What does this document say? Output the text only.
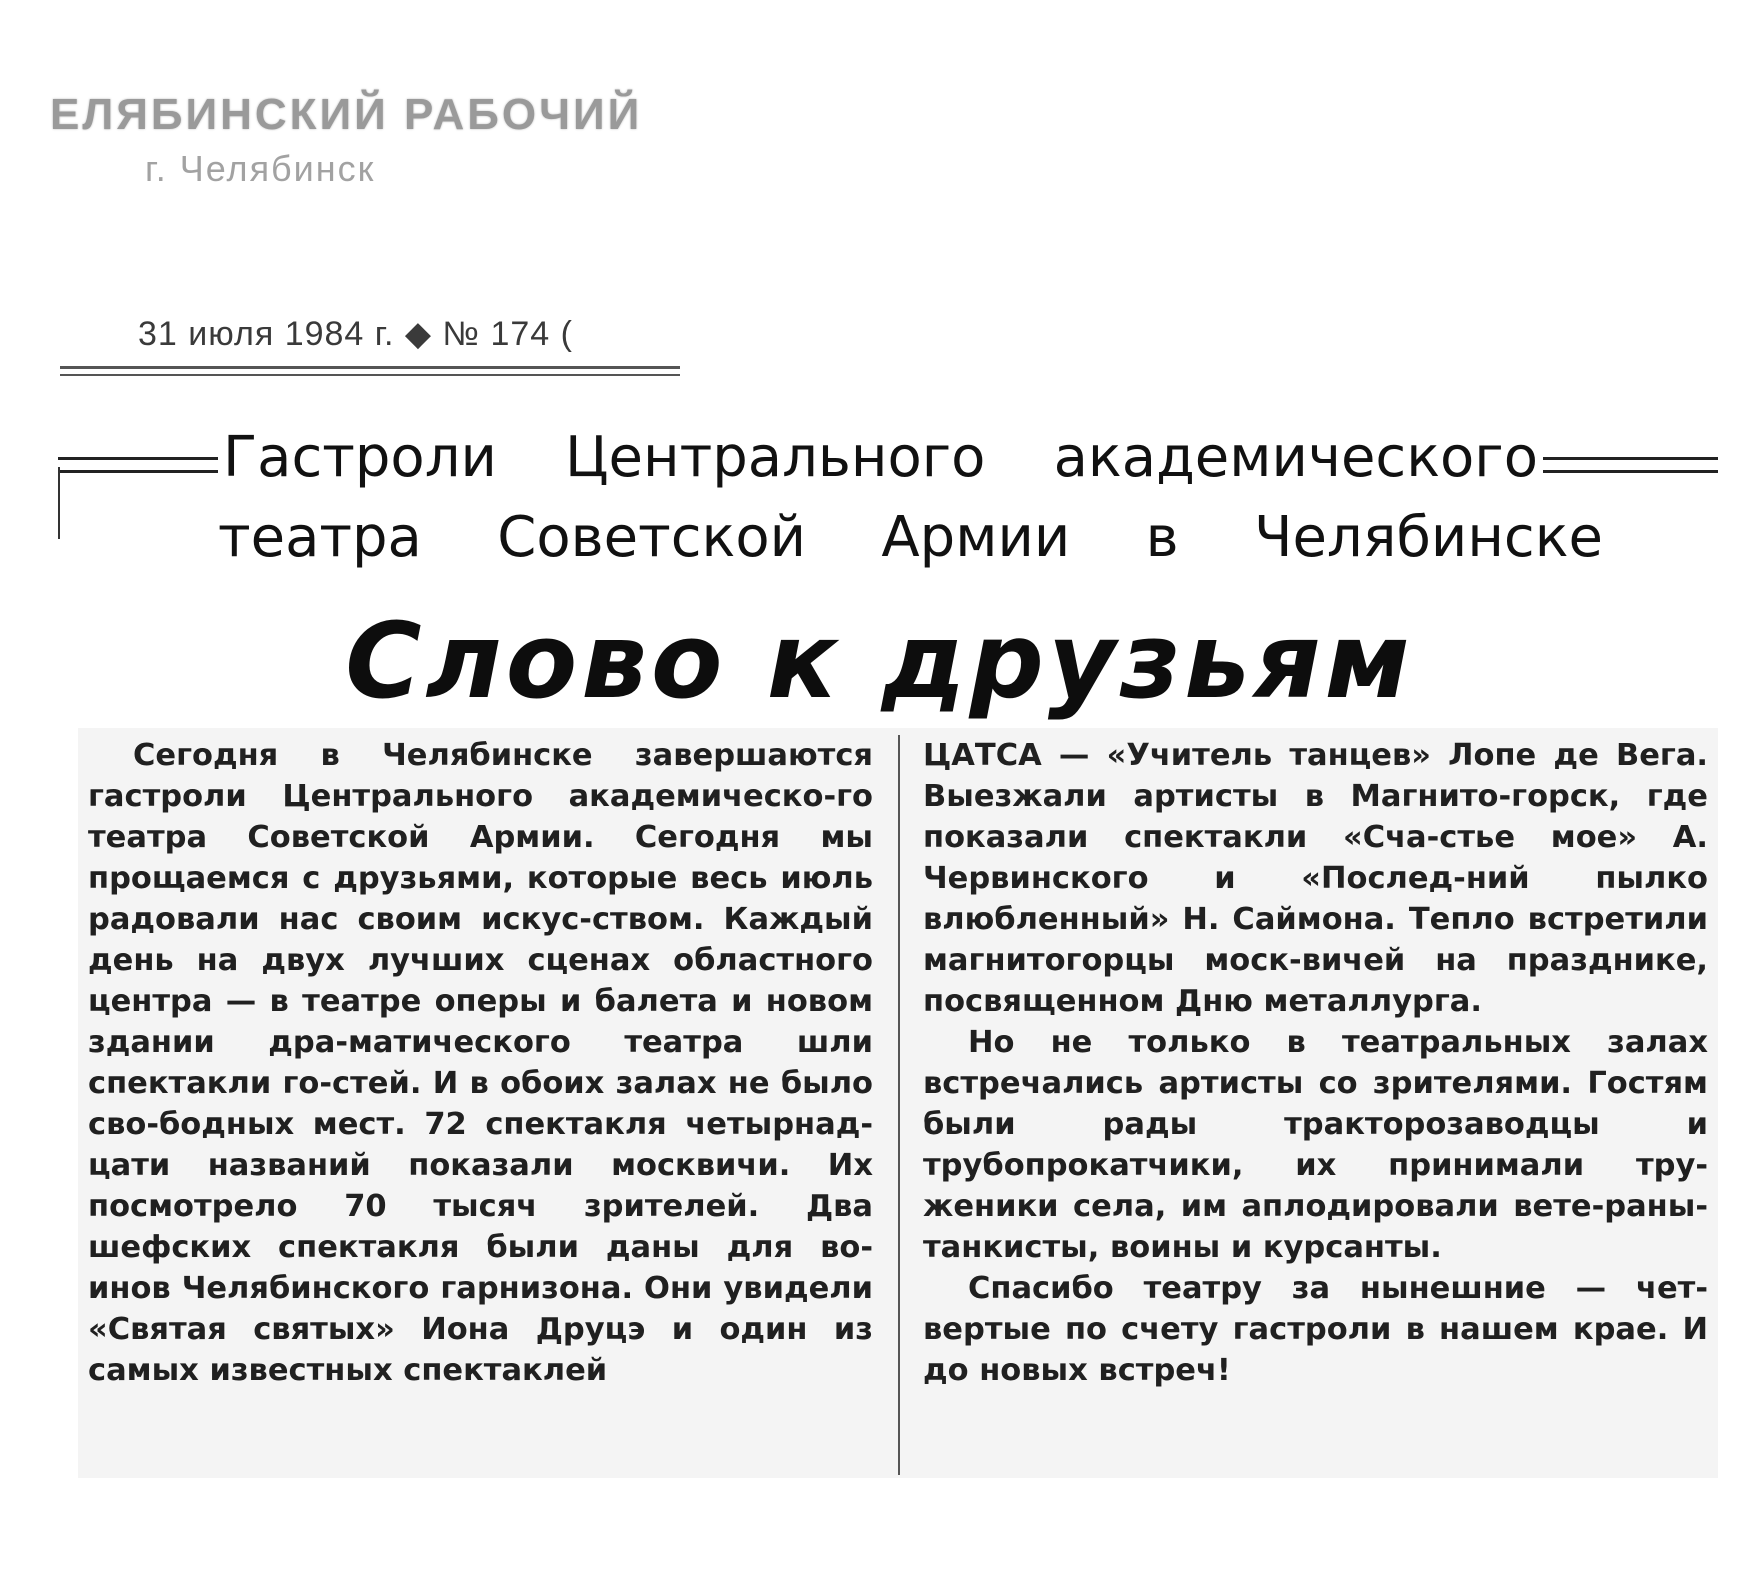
ЕЛЯБИНСКИЙ РАБОЧИЙ
г. Челябинск
31 июля 1984 г. ◆ № 174 (
Гастроли Центрального академического
театра Советской Армии в Челябинске
Слово к друзьям

Сегодня в Челябинске завершаются гастроли Центрального академическо-го театра Советской Армии. Сегодня мы прощаемся с друзьями, которые весь июль радовали нас своим искус-ством. Каждый день на двух лучших сценах областного центра — в театре оперы и балета и новом здании дра-матического театра шли спектакли го-стей. И в обоих залах не было сво-бодных мест. 72 спектакля четырнад-цати названий показали москвичи. Их посмотрело 70 тысяч зрителей. Два шефских спектакля были даны для во-инов Челябинского гарнизона. Они увидели «Святая святых» Иона Друцэ и один из самых известных спектаклей

ЦАТСА — «Учитель танцев» Лопе де Вега. Выезжали артисты в Магнито-горск, где показали спектакли «Сча-стье мое» А. Червинского и «Послед-ний пылко влюбленный» Н. Саймона. Тепло встретили магнитогорцы моск-вичей на празднике, посвященном Дню металлурга.

Но не только в театральных залах встречались артисты со зрителями. Гостям были рады тракторозаводцы и трубопрокатчики, их принимали тру-женики села, им аплодировали вете-раны-танкисты, воины и курсанты.

Спасибо театру за нынешние — чет-вертые по счету гастроли в нашем крае. И до новых встреч!
